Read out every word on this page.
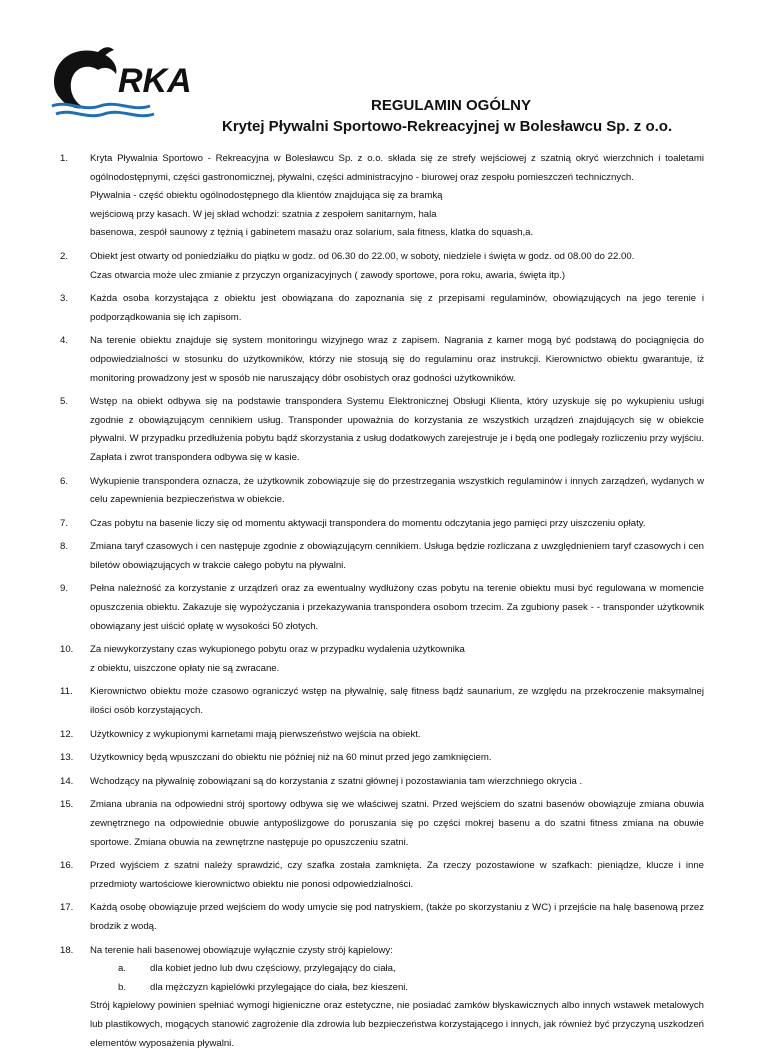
RKA
REGULAMIN OGÓLNY
Krytej Pływalni Sportowo-Rekreacyjnej w Bolesławcu Sp. z o.o.
1. Kryta Pływalnia Sportowo - Rekreacyjna w Bolesławcu Sp. z o.o. składa się ze strefy wejściowej z szatnią okryć wierzchnich i toaletami ogólnodostępnymi, części gastronomicznej, pływalni, części administracyjno - biurowej oraz zespołu pomieszczeń technicznych.

Pływalnia - część obiektu ogólnodostępnego dla klientów znajdująca się za bramką

wejściową przy kasach. W jej skład wchodzi: szatnia z zespołem sanitarnym, hala

basenowa, zespół saunowy z tężnią i gabinetem masażu oraz solarium, sala fitness, klatka do squash,a.

2. Obiekt jest otwarty od poniedziałku do piątku w godz. od 06.30 do 22.00, w soboty, niedziele i święta w godz. od 08.00 do 22.00.

Czas otwarcia może ulec zmianie z przyczyn organizacyjnych ( zawody sportowe, pora roku, awaria, święta itp.)

3. Każda osoba korzystająca z obiektu jest obowiązana do zapoznania się z przepisami regulaminów, obowiązujących na jego terenie i podporządkowania się ich zapisom.

4. Na terenie obiektu znajduje się system monitoringu wizyjnego wraz z zapisem. Nagrania z kamer mogą być podstawą do pociągnięcia do odpowiedzialności w stosunku do użytkowników, którzy nie stosują się do regulaminu oraz instrukcji. Kierownictwo obiektu gwarantuje, iż monitoring prowadzony jest w sposób nie naruszający dóbr osobistych oraz godności użytkowników.

5. Wstęp na obiekt odbywa się na podstawie transpondera Systemu Elektronicznej Obsługi Klienta, który uzyskuje się po wykupieniu usługi zgodnie z obowiązującym cennikiem usług. Transponder upoważnia do korzystania ze wszystkich urządzeń znajdujących się w obiekcie pływalni. W przypadku przedłużenia pobytu bądź skorzystania z usług dodatkowych zarejestruje je i będą one podlegały rozliczeniu przy wyjściu. Zapłata i zwrot transpondera odbywa się w kasie.

6. Wykupienie transpondera oznacza, że użytkownik zobowiązuje się do przestrzegania wszystkich regulaminów i innych zarządzeń, wydanych w celu zapewnienia bezpieczeństwa w obiekcie.

7. Czas pobytu na basenie liczy się od momentu aktywacji transpondera do momentu odczytania jego pamięci przy uiszczeniu opłaty.

8. Zmiana taryf czasowych i cen następuje zgodnie z obowiązującym cennikiem. Usługa będzie rozliczana z uwzględnieniem taryf czasowych i cen biletów obowiązujących w trakcie całego pobytu na pływalni.

9. Pełna należność za korzystanie z urządzeń oraz za ewentualny wydłużony czas pobytu na terenie obiektu musi być regulowana w momencie opuszczenia obiektu. Zakazuje się wypożyczania i przekazywania transpondera osobom trzecim. Za zgubiony pasek - - transponder użytkownik obowiązany jest uiścić opłatę w wysokości 50 złotych.

10. Za niewykorzystany czas wykupionego pobytu oraz w przypadku wydalenia użytkownika

z obiektu, uiszczone opłaty nie są zwracane.

11. Kierownictwo obiektu może czasowo ograniczyć wstęp na pływalnię, salę fitness bądź saunarium, ze względu na przekroczenie maksymalnej ilości osób korzystających.

12. Użytkownicy z wykupionymi karnetami mają pierwszeństwo wejścia na obiekt.

13. Użytkownicy będą wpuszczani do obiektu nie później niż na 60 minut przed jego zamknięciem.

14. Wchodzący na pływalnię zobowiązani są do korzystania z szatni głównej i pozostawiania tam wierzchniego okrycia .

15. Zmiana ubrania na odpowiedni strój sportowy odbywa się we właściwej szatni. Przed wejściem do szatni basenów obowiązuje zmiana obuwia zewnętrznego na odpowiednie obuwie antypoślizgowe do poruszania się po części mokrej basenu a do szatni fitness zmiana na obuwie sportowe. Zmiana obuwia na zewnętrzne następuje po opuszczeniu szatni.

16. Przed wyjściem z szatni należy sprawdzić, czy szafka została zamknięta. Za rzeczy pozostawione w szafkach: pieniądze, klucze i inne przedmioty wartościowe kierownictwo obiektu nie ponosi odpowiedzialności.

17. Każdą osobę obowiązuje przed wejściem do wody umycie się pod natryskiem, (także po skorzystaniu z WC) i przejście na halę basenową przez brodzik z wodą.

18. Na terenie hali basenowej obowiązuje wyłącznie czysty strój kąpielowy:

a. dla kobiet jedno lub dwu częściowy, przylegający do ciała,
b. dla mężczyzn kąpielówki przylegające do ciała, bez kieszeni.

Strój kąpielowy powinien spełniać wymogi higieniczne oraz estetyczne, nie posiadać zamków błyskawicznych albo innych wstawek metalowych lub plastikowych, mogących stanowić zagrożenie dla zdrowia lub bezpieczeństwa korzystającego i innych, jak również być przyczyną uszkodzeń elementów wyposażenia pływalni.
